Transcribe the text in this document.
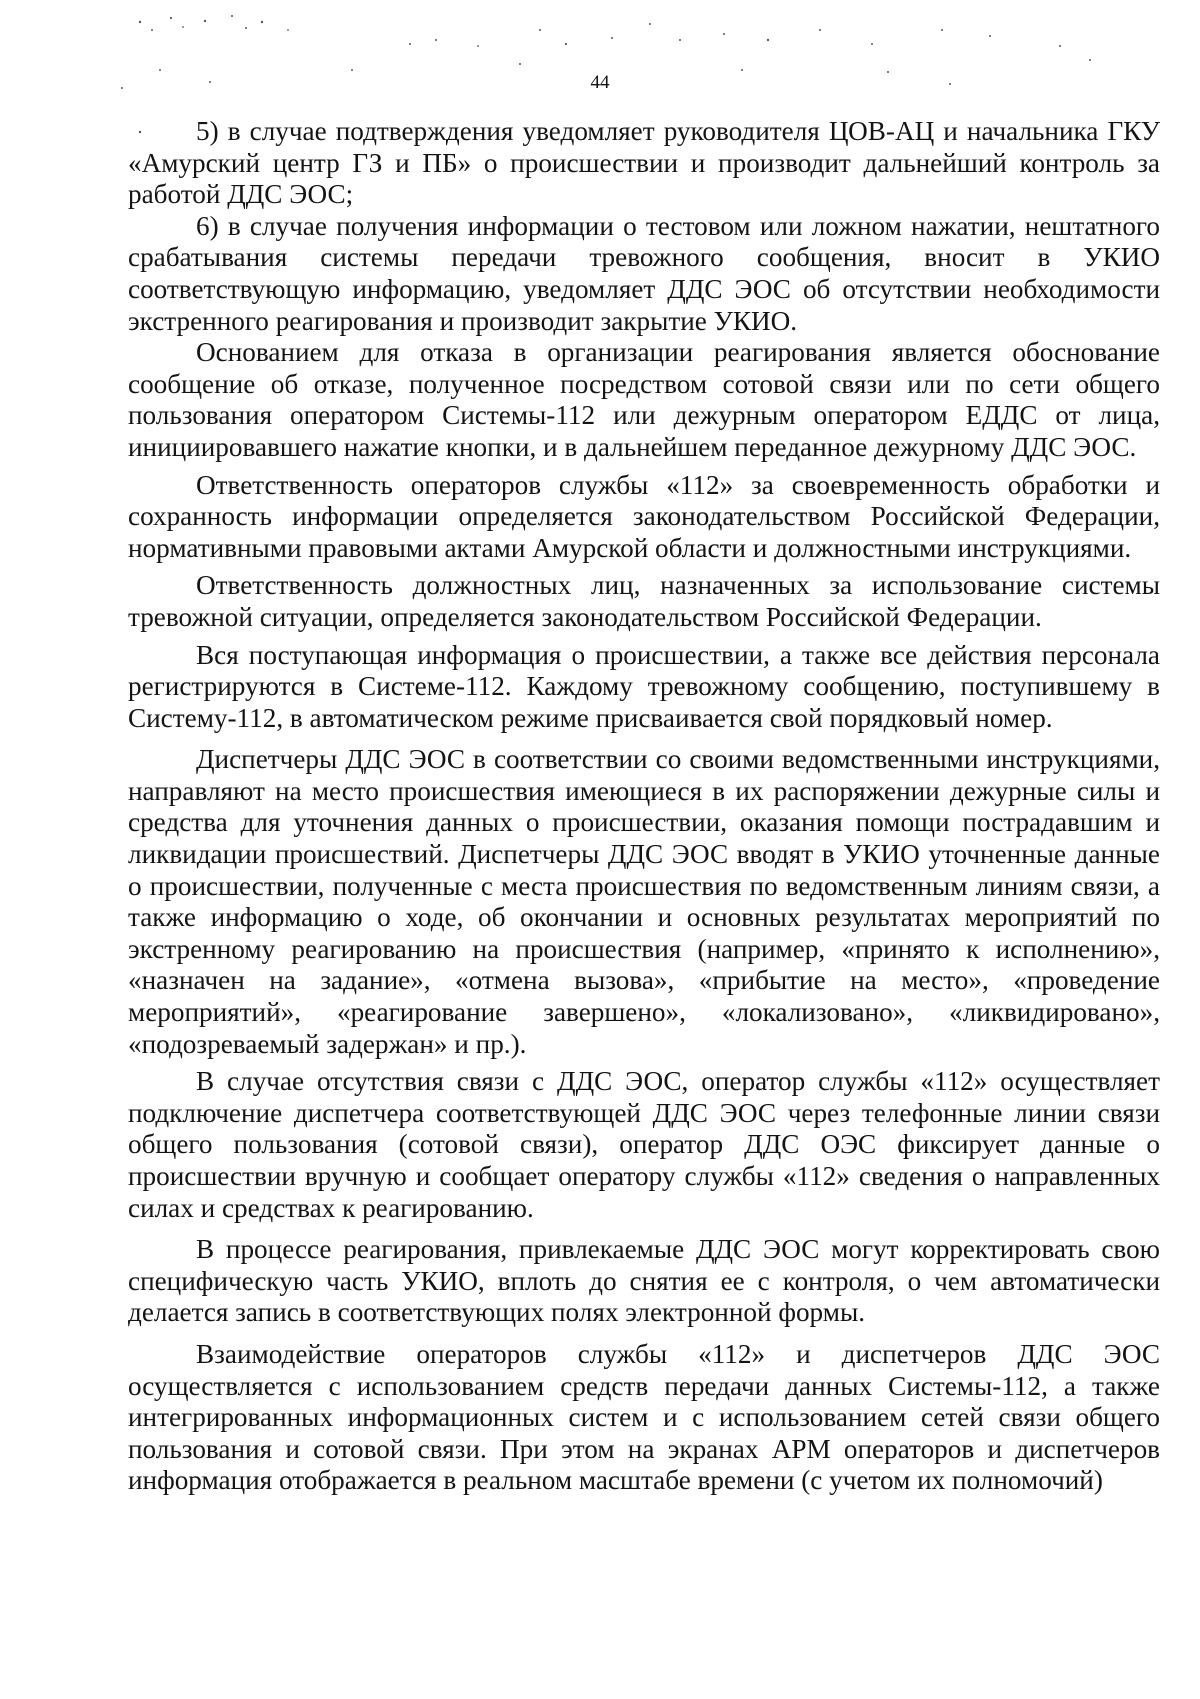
44

5) в случае подтверждения уведомляет руководителя ЦОВ-АЦ и начальника ГКУ «Амурский центр ГЗ и ПБ» о происшествии и производит дальнейший контроль за работой ДДС ЭОС;

6) в случае получения информации о тестовом или ложном нажатии, нештатного срабатывания системы передачи тревожного сообщения, вносит в УКИО соответствующую информацию, уведомляет ДДС ЭОС об отсутствии необходимости экстренного реагирования и производит закрытие УКИО.

Основанием для отказа в организации реагирования является обоснование сообщение об отказе, полученное посредством сотовой связи или по сети общего пользования оператором Системы-112 или дежурным оператором ЕДДС от лица, инициировавшего нажатие кнопки, и в дальнейшем переданное дежурному ДДС ЭОС.

Ответственность операторов службы «112» за своевременность обработки и сохранность информации определяется законодательством Российской Федерации, нормативными правовыми актами Амурской области и должностными инструкциями.

Ответственность должностных лиц, назначенных за использование системы тревожной ситуации, определяется законодательством Российской Федерации.

Вся поступающая информация о происшествии, а также все действия персонала регистрируются в Системе-112. Каждому тревожному сообщению, поступившему в Систему-112, в автоматическом режиме присваивается свой порядковый номер.

Диспетчеры ДДС ЭОС в соответствии со своими ведомственными инструкциями, направляют на место происшествия имеющиеся в их распоряжении дежурные силы и средства для уточнения данных о происшествии, оказания помощи пострадавшим и ликвидации происшествий. Диспетчеры ДДС ЭОС вводят в УКИО уточненные данные о происшествии, полученные с места происшествия по ведомственным линиям связи, а также информацию о ходе, об окончании и основных результатах мероприятий по экстренному реагированию на происшествия (например, «принято к исполнению», «назначен на задание», «отмена вызова», «прибытие на место», «проведение мероприятий», «реагирование завершено», «локализовано», «ликвидировано», «подозреваемый задержан» и пр.).

В случае отсутствия связи с ДДС ЭОС, оператор службы «112» осуществляет подключение диспетчера соответствующей ДДС ЭОС через телефонные линии связи общего пользования (сотовой связи), оператор ДДС ОЭС фиксирует данные о происшествии вручную и сообщает оператору службы «112» сведения о направленных силах и средствах к реагированию.

В процессе реагирования, привлекаемые ДДС ЭОС могут корректировать свою специфическую часть УКИО, вплоть до снятия ее с контроля, о чем автоматически делается запись в соответствующих полях электронной формы.

Взаимодействие операторов службы «112» и диспетчеров ДДС ЭОС осуществляется с использованием средств передачи данных Системы-112, а также интегрированных информационных систем и с использованием сетей связи общего пользования и сотовой связи. При этом на экранах АРМ операторов и диспетчеров информация отображается в реальном масштабе времени (с учетом их полномочий)
